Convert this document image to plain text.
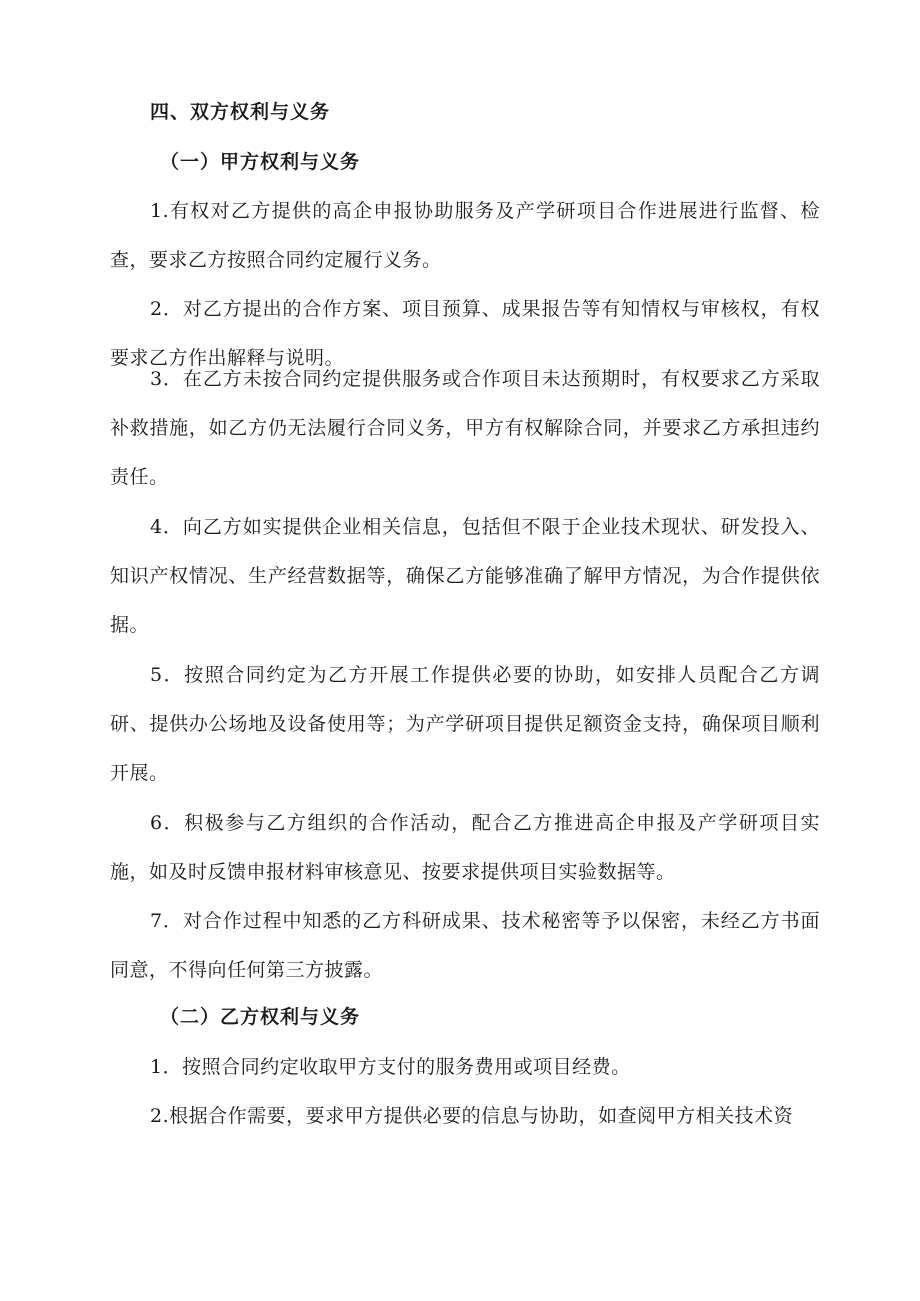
四、双方权利与义务
（一）甲方权利与义务
1.有权对乙方提供的高企申报协助服务及产学研项目合作进展进行监督、检查，要求乙方按照合同约定履行义务。
2．对乙方提出的合作方案、项目预算、成果报告等有知情权与审核权，有权要求乙方作出解释与说明。
3．在乙方未按合同约定提供服务或合作项目未达预期时，有权要求乙方采取补救措施，如乙方仍无法履行合同义务，甲方有权解除合同，并要求乙方承担违约责任。
4．向乙方如实提供企业相关信息，包括但不限于企业技术现状、研发投入、知识产权情况、生产经营数据等，确保乙方能够准确了解甲方情况，为合作提供依据。
5．按照合同约定为乙方开展工作提供必要的协助，如安排人员配合乙方调研、提供办公场地及设备使用等；为产学研项目提供足额资金支持，确保项目顺利开展。
6．积极参与乙方组织的合作活动，配合乙方推进高企申报及产学研项目实施，如及时反馈申报材料审核意见、按要求提供项目实验数据等。
7．对合作过程中知悉的乙方科研成果、技术秘密等予以保密，未经乙方书面同意，不得向任何第三方披露。
（二）乙方权利与义务
1．按照合同约定收取甲方支付的服务费用或项目经费。
2.根据合作需要，要求甲方提供必要的信息与协助，如查阅甲方相关技术资
